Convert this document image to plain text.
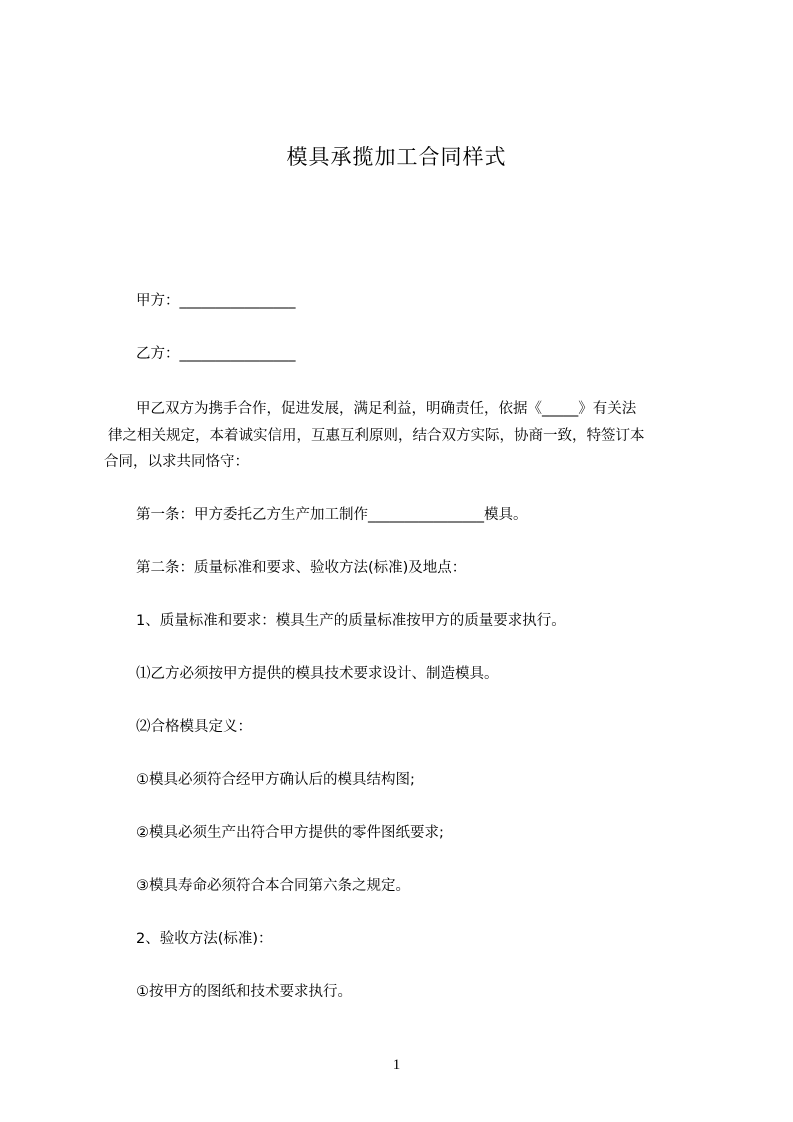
模具承揽加工合同样式
甲方：________________
乙方：________________
甲乙双方为携手合作，促进发展，满足利益，明确责任，依据《_____》有关法
律之相关规定，本着诚实信用，互惠互利原则，结合双方实际，协商一致，特签订本
合同，以求共同恪守：
第一条：甲方委托乙方生产加工制作________________模具。
第二条：质量标准和要求、验收方法(标准)及地点：
1、质量标准和要求：模具生产的质量标准按甲方的质量要求执行。
⑴乙方必须按甲方提供的模具技术要求设计、制造模具。
⑵合格模具定义：
①模具必须符合经甲方确认后的模具结构图;
②模具必须生产出符合甲方提供的零件图纸要求;
③模具寿命必须符合本合同第六条之规定。
2、验收方法(标准)：
①按甲方的图纸和技术要求执行。
1
